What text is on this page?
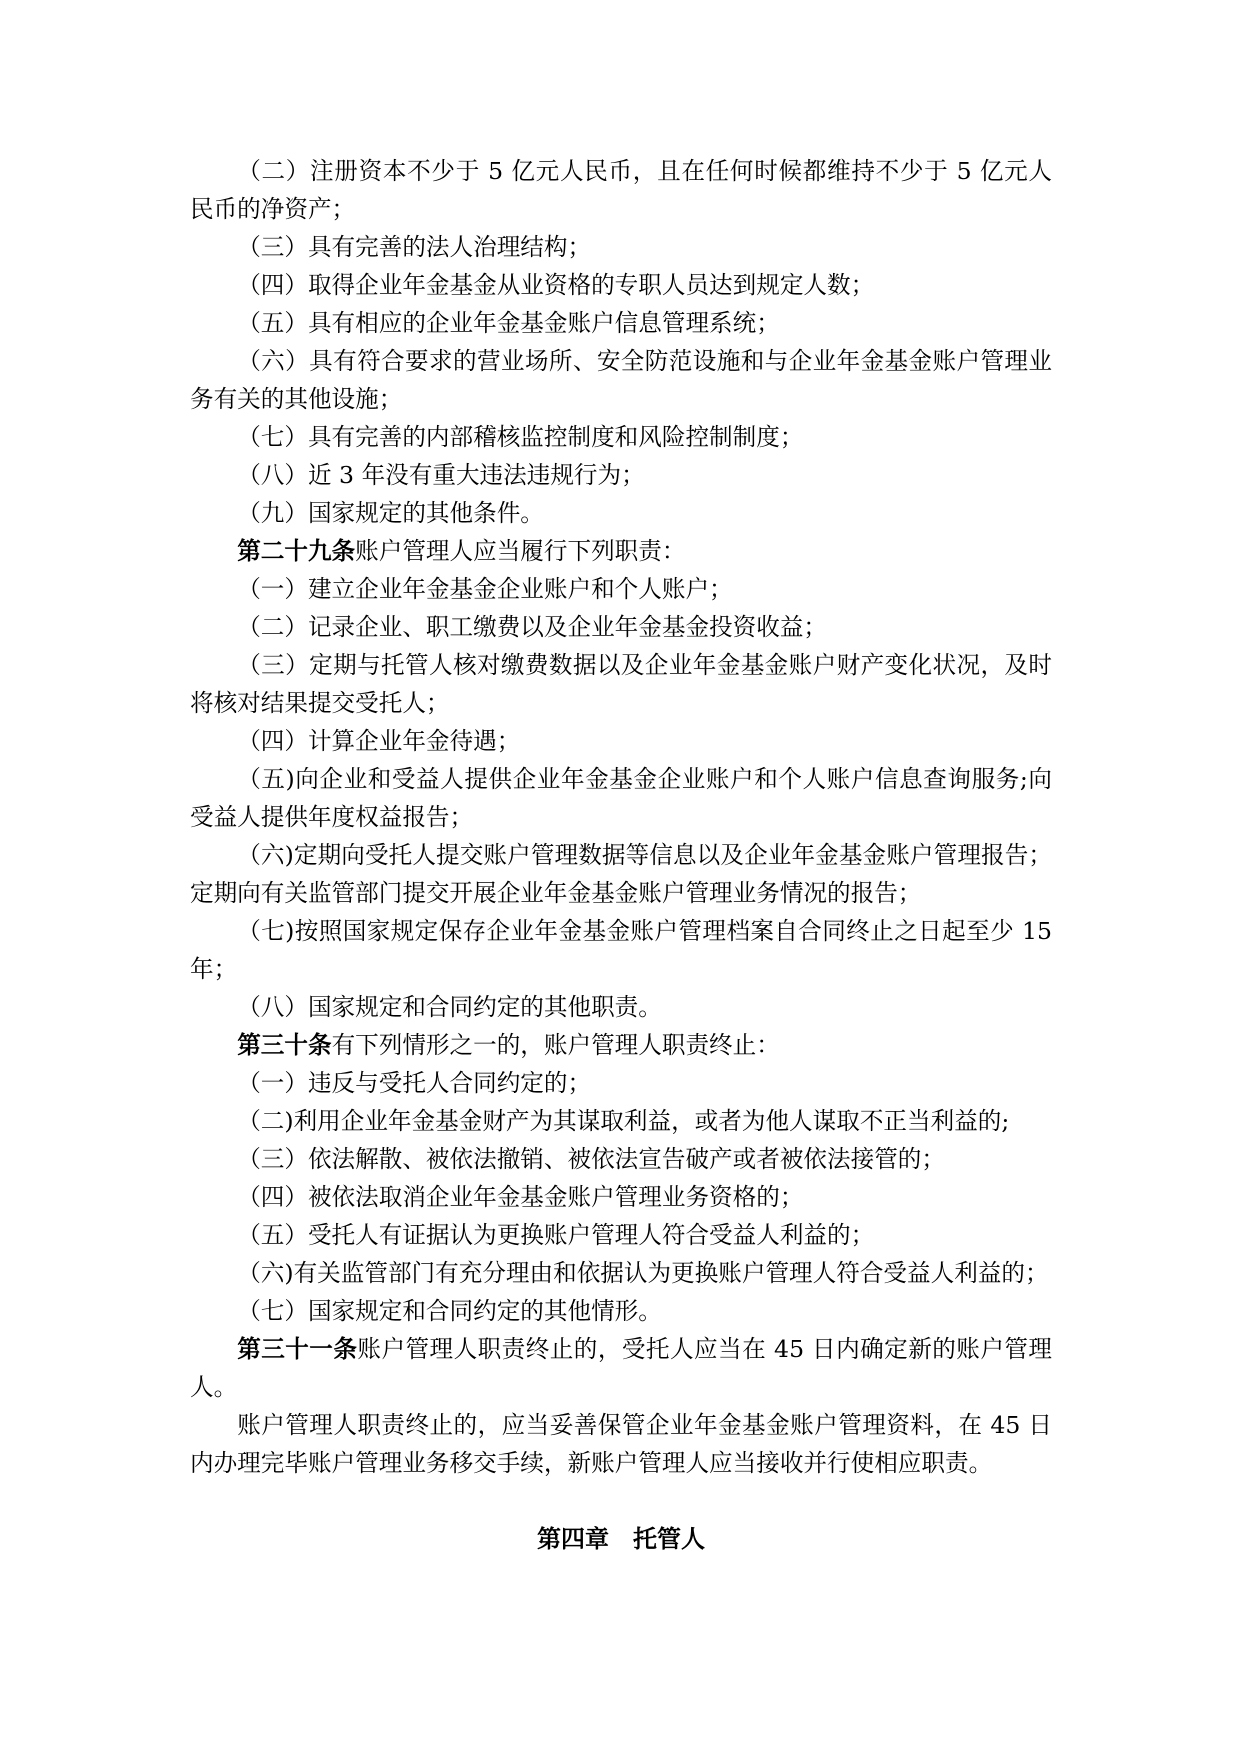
（二）注册资本不少于 5 亿元人民币，且在任何时候都维持不少于 5 亿元人民币的净资产；

（三）具有完善的法人治理结构；

（四）取得企业年金基金从业资格的专职人员达到规定人数；

（五）具有相应的企业年金基金账户信息管理系统；

（六）具有符合要求的营业场所、安全防范设施和与企业年金基金账户管理业务有关的其他设施；

（七）具有完善的内部稽核监控制度和风险控制制度；

（八）近 3 年没有重大违法违规行为；

（九）国家规定的其他条件。

第二十九条账户管理人应当履行下列职责：

（一）建立企业年金基金企业账户和个人账户；

（二）记录企业、职工缴费以及企业年金基金投资收益；

（三）定期与托管人核对缴费数据以及企业年金基金账户财产变化状况，及时将核对结果提交受托人；

（四）计算企业年金待遇；

（五)向企业和受益人提供企业年金基金企业账户和个人账户信息查询服务;向受益人提供年度权益报告；

（六)定期向受托人提交账户管理数据等信息以及企业年金基金账户管理报告；定期向有关监管部门提交开展企业年金基金账户管理业务情况的报告；

（七)按照国家规定保存企业年金基金账户管理档案自合同终止之日起至少 15 年；

（八）国家规定和合同约定的其他职责。

第三十条有下列情形之一的，账户管理人职责终止：

（一）违反与受托人合同约定的；

（二)利用企业年金基金财产为其谋取利益，或者为他人谋取不正当利益的;

（三）依法解散、被依法撤销、被依法宣告破产或者被依法接管的；

（四）被依法取消企业年金基金账户管理业务资格的；

（五）受托人有证据认为更换账户管理人符合受益人利益的；

（六)有关监管部门有充分理由和依据认为更换账户管理人符合受益人利益的；

（七）国家规定和合同约定的其他情形。

第三十一条账户管理人职责终止的，受托人应当在 45 日内确定新的账户管理人。

账户管理人职责终止的，应当妥善保管企业年金基金账户管理资料，在 45 日内办理完毕账户管理业务移交手续，新账户管理人应当接收并行使相应职责。

第四章　托管人
